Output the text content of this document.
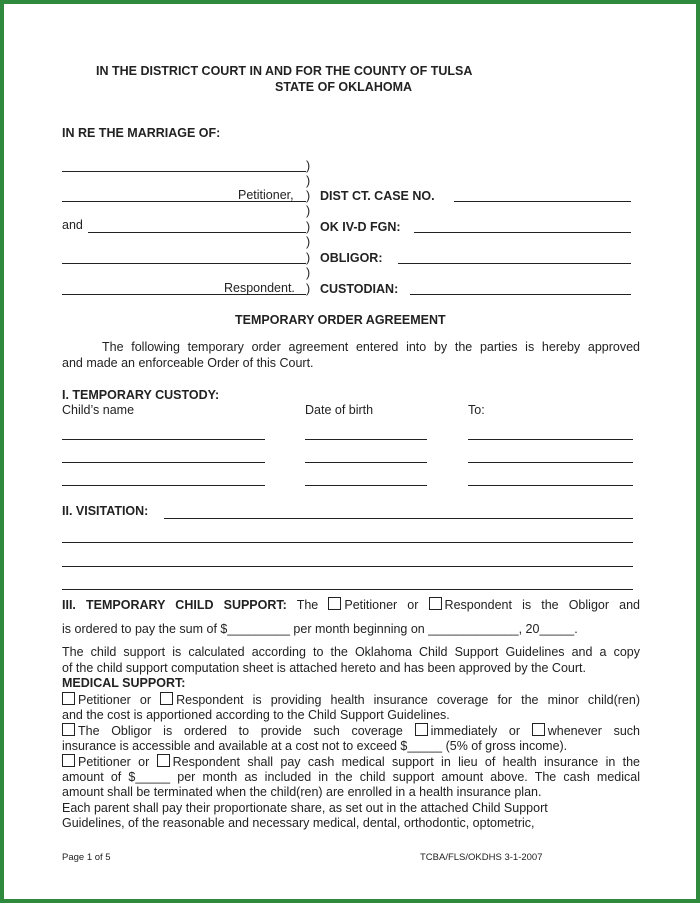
IN THE DISTRICT COURT IN AND FOR THE COUNTY OF TULSA
STATE OF OKLAHOMA
IN RE THE MARRIAGE OF:
)
)
Petitioner, ) DIST CT. CASE NO.
)
and	) OK IV-D FGN:
)
) OBLIGOR:
)
Respondent. ) CUSTODIAN:
TEMPORARY ORDER AGREEMENT
The following temporary order agreement entered into by the parties is hereby approved
and made an enforceable Order of this Court.
I. TEMPORARY CUSTODY:
Child’s name	Date of birth	To:
II. VISITATION:
III. TEMPORARY CHILD SUPPORT: The Petitioner or Respondent is the Obligor and
is ordered to pay the sum of $_________ per month beginning on _____________, 20_____.
The child support is calculated according to the Oklahoma Child Support Guidelines and a copy
of the child support computation sheet is attached hereto and has been approved by the Court.
MEDICAL SUPPORT:
Petitioner or Respondent is providing health insurance coverage for the minor child(ren)
and the cost is apportioned according to the Child Support Guidelines.
The Obligor is ordered to provide such coverage immediately or whenever such
insurance is accessible and available at a cost not to exceed $_____ (5% of gross income).
Petitioner or Respondent shall pay cash medical support in lieu of health insurance in the
amount of $_____ per month as included in the child support amount above. The cash medical
amount shall be terminated when the child(ren) are enrolled in a health insurance plan.
Each parent shall pay their proportionate share, as set out in the attached Child Support
Guidelines, of the reasonable and necessary medical, dental, orthodontic, optometric,
Page 1 of 5	TCBA/FLS/OKDHS 3-1-2007
